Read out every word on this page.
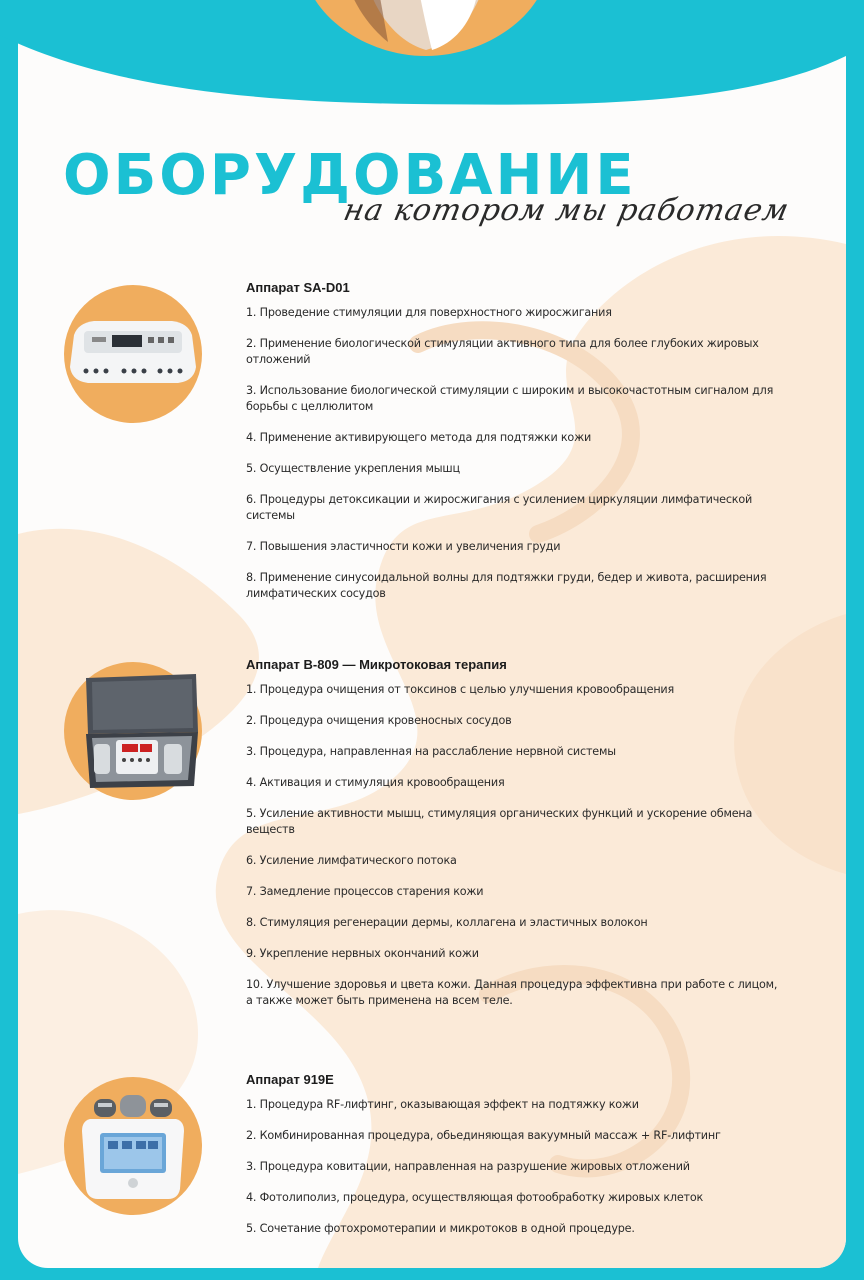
ОБОРУДОВАНИЕ
на котором мы работаем
Аппарат SA-D01
1. Проведение стимуляции для поверхностного жиросжигания
2. Применение биологической стимуляции активного типа для более глубоких жировых отложений
3. Использование биологической стимуляции с широким и высокочастотным сигналом для борьбы с целлюлитом
4. Применение активирующего метода для подтяжки кожи
5. Осуществление укрепления мышц
6. Процедуры детоксикации и жиросжигания с усилением циркуляции лимфатической системы
7. Повышения эластичности кожи и увеличения груди
8. Применение синусоидальной волны для подтяжки груди, бедер и живота, расширения лимфатических сосудов
Аппарат B-809 — Микротоковая терапия
1. Процедура очищения от токсинов с целью улучшения кровообращения
2. Процедура очищения кровеносных сосудов
3. Процедура, направленная на расслабление нервной системы
4. Активация и стимуляция кровообращения
5. Усиление активности мышц, стимуляция органических функций и ускорение обмена веществ
6. Усиление лимфатического потока
7. Замедление процессов старения кожи
8. Стимуляция регенерации дермы, коллагена и эластичных волокон
9. Укрепление нервных окончаний кожи
10. Улучшение здоровья и цвета кожи. Данная процедура эффективна при работе с лицом, а также может быть применена на всем теле.
Аппарат 919E
1. Процедура RF-лифтинг, оказывающая эффект на подтяжку кожи
2. Комбинированная процедура, обьединяющая вакуумный массаж + RF-лифтинг
3. Процедура ковитации, направленная на разрушение жировых отложений
4. Фотолиполиз, процедура, осуществляющая фотообработку жировых клеток
5. Сочетание фотохромотерапии и микротоков в одной процедуре.
